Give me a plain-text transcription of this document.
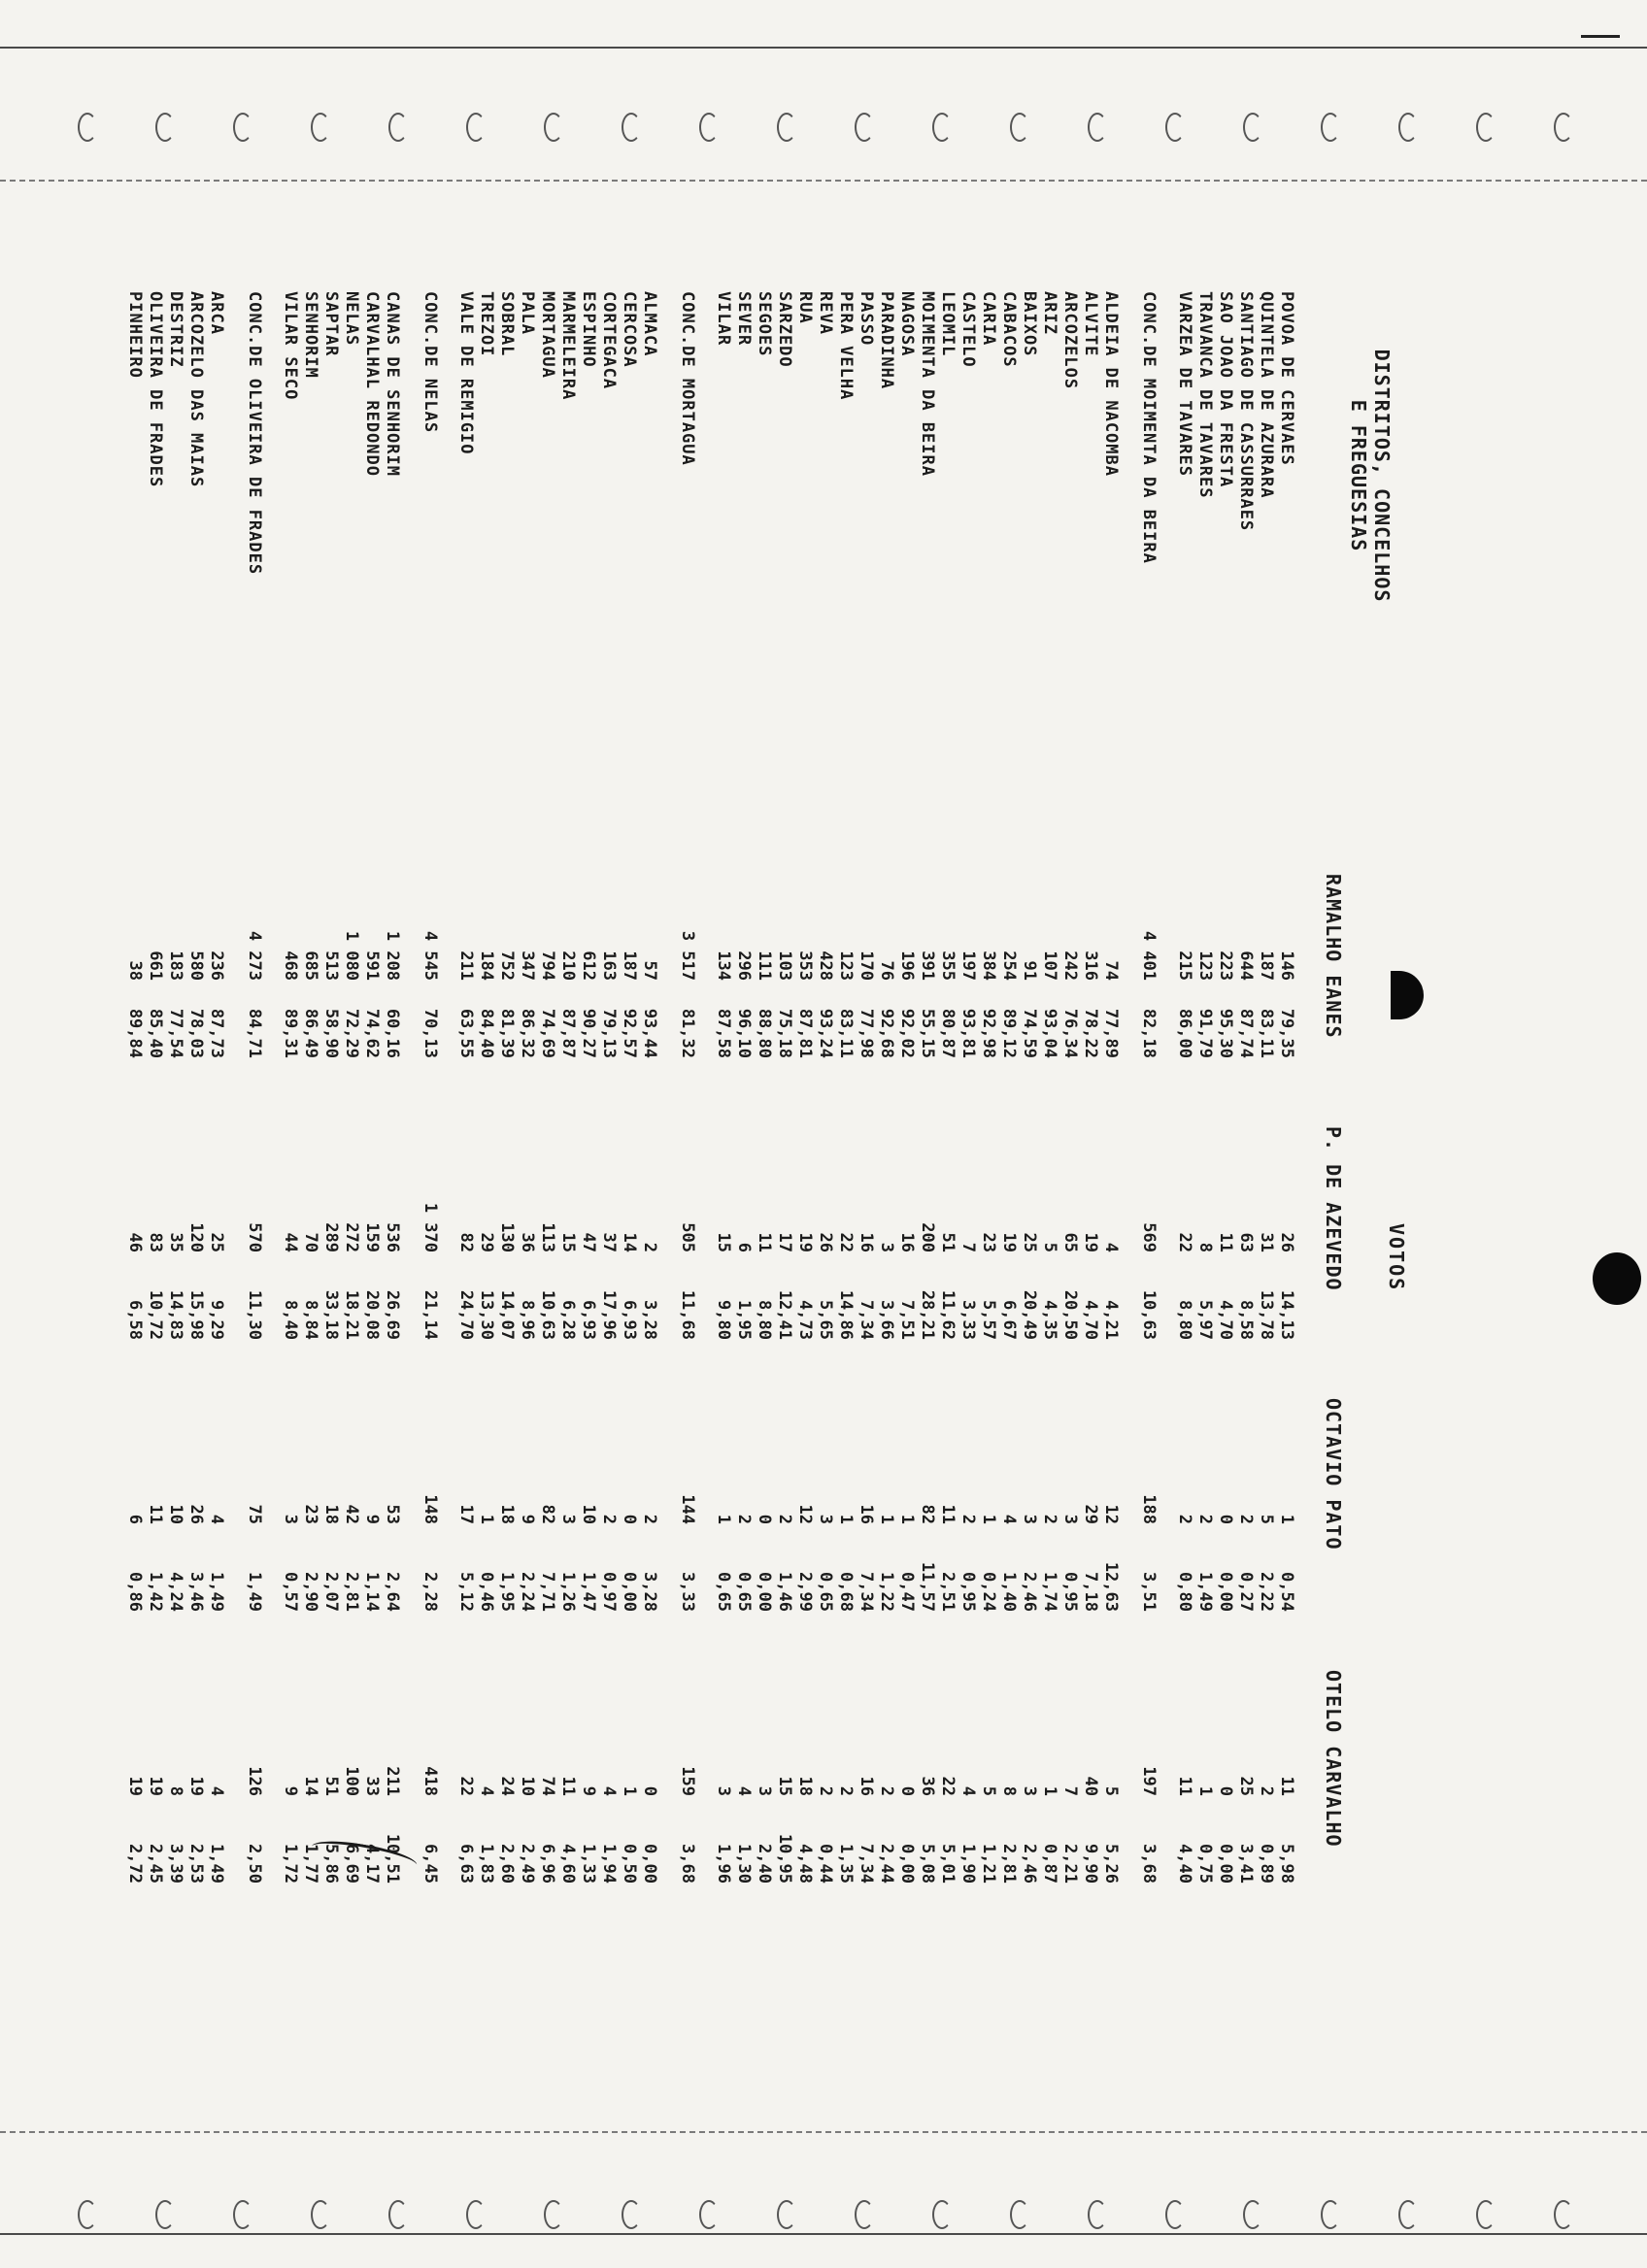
DISTRITOS, CONCELHOS
E FREGUESIAS
VOTOS
RAMALHO EANES
P. DE AZEVEDO
OCTAVIO PATO
OTELO CARVALHO
POVOA DE CERVAES
146
79,35
26
14,13
1
0,54
11
5,98
QUINTELA DE AZURARA
187
83,11
31
13,78
5
2,22
2
0,89
SANTIAGO DE CASSURRAES
644
87,74
63
8,58
2
0,27
25
3,41
SAO JOAO DA FRESTA
223
95,30
11
4,70
0
0,00
0
0,00
TRAVANCA DE TAVARES
123
91,79
8
5,97
2
1,49
1
0,75
VARZEA DE TAVARES
215
86,00
22
8,80
2
0,80
11
4,40
CONC.DE MOIMENTA DA BEIRA
4 401
82,18
569
10,63
188
3,51
197
3,68
ALDEIA DE NACOMBA
74
77,89
4
4,21
12
12,63
5
5,26
ALVITE
316
78,22
19
4,70
29
7,18
40
9,90
ARCOZELOS
242
76,34
65
20,50
3
0,95
7
2,21
ARIZ
107
93,04
5
4,35
2
1,74
1
0,87
BAIXOS
91
74,59
25
20,49
3
2,46
3
2,46
CABACOS
254
89,12
19
6,67
4
1,40
8
2,81
CARIA
384
92,98
23
5,57
1
0,24
5
1,21
CASTELO
197
93,81
7
3,33
2
0,95
4
1,90
LEOMIL
355
80,87
51
11,62
11
2,51
22
5,01
MOIMENTA DA BEIRA
391
55,15
200
28,21
82
11,57
36
5,08
NAGOSA
196
92,02
16
7,51
1
0,47
0
0,00
PARADINHA
76
92,68
3
3,66
1
1,22
2
2,44
PASSO
170
77,98
16
7,34
16
7,34
16
7,34
PERA VELHA
123
83,11
22
14,86
1
0,68
2
1,35
REVA
428
93,24
26
5,65
3
0,65
2
0,44
RUA
353
87,81
19
4,73
12
2,99
18
4,48
SARZEDO
103
75,18
17
12,41
2
1,46
15
10,95
SEGOES
111
88,80
11
8,80
0
0,00
3
2,40
SEVER
296
96,10
6
1,95
2
0,65
4
1,30
VILAR
134
87,58
15
9,80
1
0,65
3
1,96
CONC.DE MORTAGUA
3 517
81,32
505
11,68
144
3,33
159
3,68
ALMACA
57
93,44
2
3,28
2
3,28
0
0,00
CERCOSA
187
92,57
14
6,93
0
0,00
1
0,50
CORTEGACA
163
79,13
37
17,96
2
0,97
4
1,94
ESPINHO
612
90,27
47
6,93
10
1,47
9
1,33
MARMELEIRA
210
87,87
15
6,28
3
1,26
11
4,60
MORTAGUA
794
74,69
113
10,63
82
7,71
74
6,96
PALA
347
86,32
36
8,96
9
2,24
10
2,49
SOBRAL
752
81,39
130
14,07
18
1,95
24
2,60
TREZOI
184
84,40
29
13,30
1
0,46
4
1,83
VALE DE REMIGIO
211
63,55
82
24,70
17
5,12
22
6,63
CONC.DE NELAS
4 545
70,13
1 370
21,14
148
2,28
418
6,45
CANAS DE SENHORIM
1 208
60,16
536
26,69
53
2,64
211
10,51
CARVALHAL REDONDO
591
74,62
159
20,08
9
1,14
33
4,17
NELAS
1 080
72,29
272
18,21
42
2,81
100
6,69
SAPTAR
513
58,90
289
33,18
18
2,07
51
5,86
SENHORIM
685
86,49
70
8,84
23
2,90
14
1,77
VILAR SECO
468
89,31
44
8,40
3
0,57
9
1,72
CONC.DE OLIVEIRA DE FRADES
4 273
84,71
570
11,30
75
1,49
126
2,50
ARCA
236
87,73
25
9,29
4
1,49
4
1,49
ARCOZELO DAS MAIAS
580
78,03
120
15,98
26
3,46
19
2,53
DESTRIZ
183
77,54
35
14,83
10
4,24
8
3,39
OLIVEIRA DE FRADES
661
85,40
83
10,72
11
1,42
19
2,45
PINHEIRO
38
89,84
46
6,58
6
0,86
19
2,72
